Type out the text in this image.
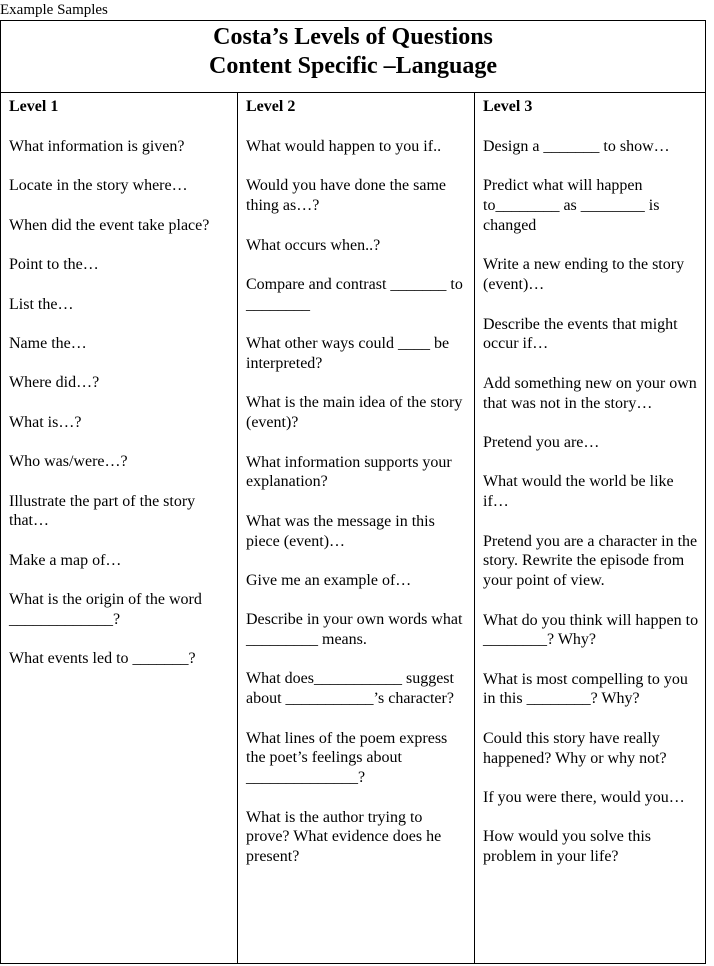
Example Samples
Costa’s Levels of Questions
Content Specific –Language
Level 1
What information is given?
Locate in the story where…
When did the event take place?
Point to the…
List the…
Name the…
Where did…?
What is…?
Who was/were…?
Illustrate the part of the story that…
Make a map of…
What is the origin of the word _____________?
What events led to _______?
Level 2
What would happen to you if..
Would you have done the same thing as…?
What occurs when..?
Compare and contrast _______ to ________
What other ways could ____ be interpreted?
What is the main idea of the story (event)?
What information supports your explanation?
What was the message in this piece (event)…
Give me an example of…
Describe in your own words what _________ means.
What does___________ suggest about ___________’s character?
What lines of the poem express the poet’s feelings about ______________?
What is the author trying to prove? What evidence does he present?
Level 3
Design a _______ to show…
Predict what will happen to________ as ________ is changed
Write a new ending to the story (event)…
Describe the events that might occur if…
Add something new on your own that was not in the story…
Pretend you are…
What would the world be like if…
Pretend you are a character in the story. Rewrite the episode from your point of view.
What do you think will happen to ________? Why?
What is most compelling to you in this ________? Why?
Could this story have really happened? Why or why not?
If you were there, would you…
How would you solve this problem in your life?
